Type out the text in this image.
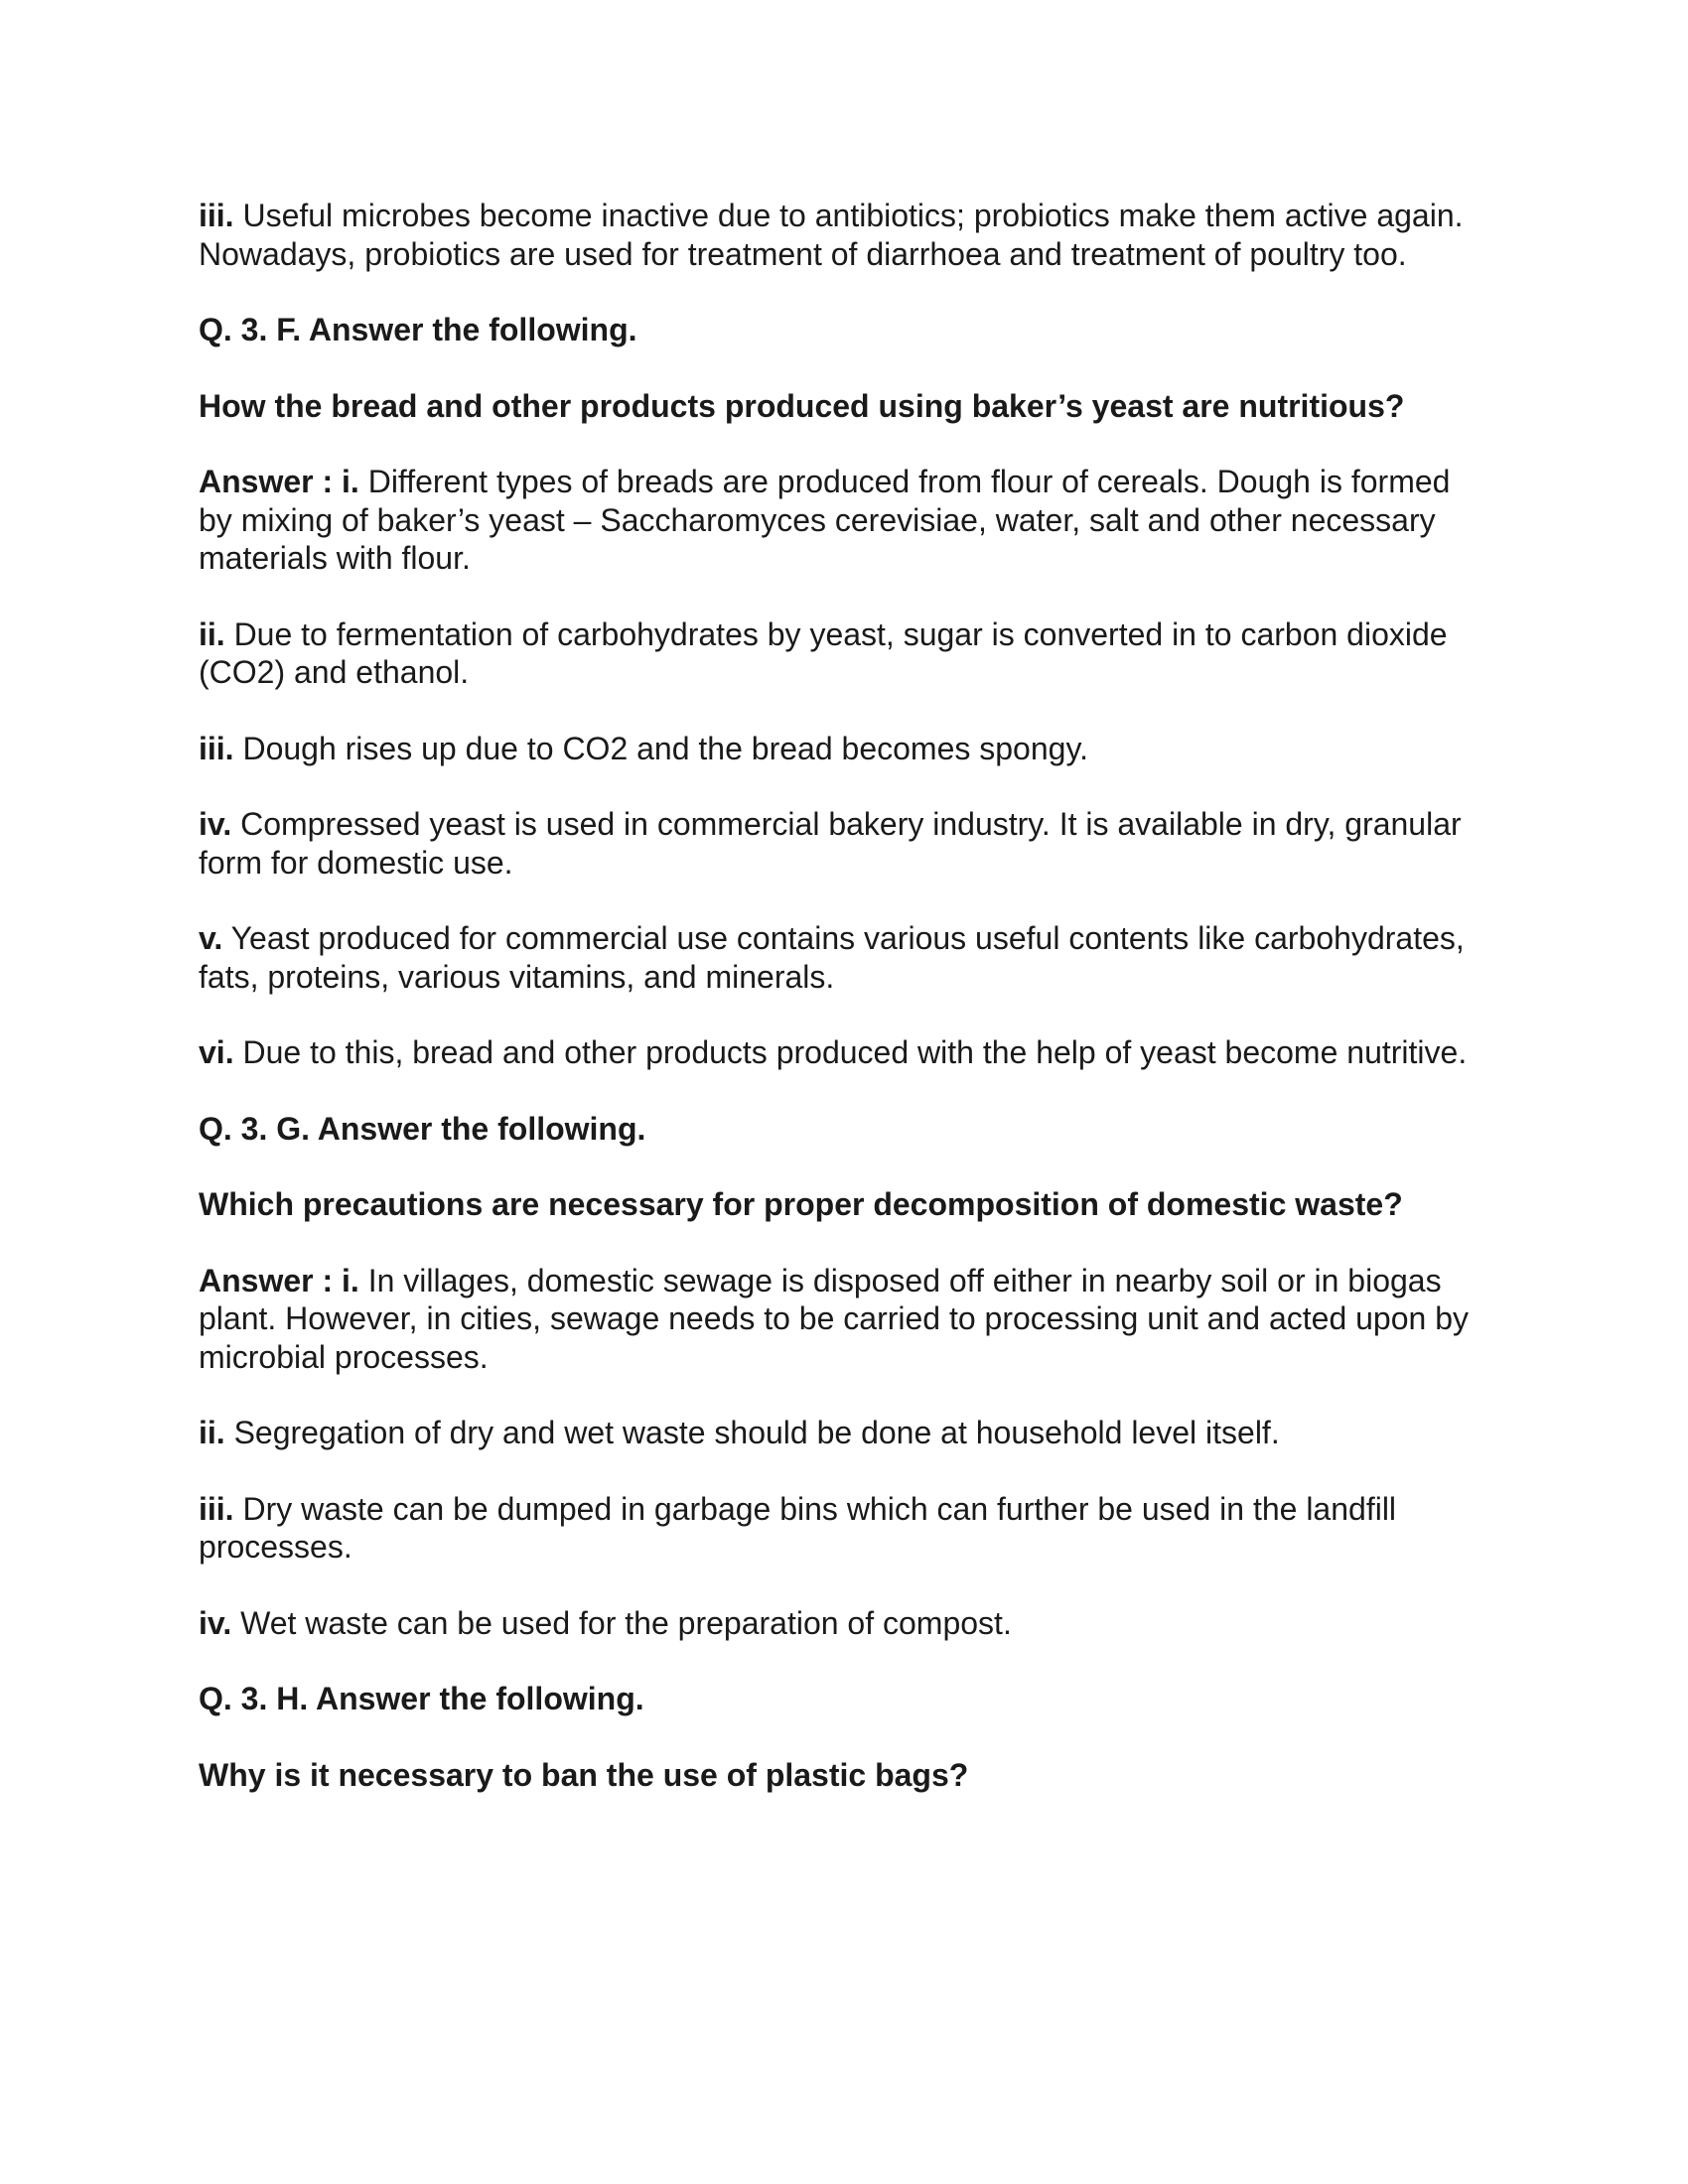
iii. Useful microbes become inactive due to antibiotics; probiotics make them active again. Nowadays, probiotics are used for treatment of diarrhoea and treatment of poultry too.

Q. 3. F. Answer the following.

How the bread and other products produced using baker’s yeast are nutritious?

Answer : i. Different types of breads are produced from flour of cereals. Dough is formed by mixing of baker’s yeast – Saccharomyces cerevisiae, water, salt and other necessary materials with flour.

ii. Due to fermentation of carbohydrates by yeast, sugar is converted in to carbon dioxide (CO2) and ethanol.

iii. Dough rises up due to CO2 and the bread becomes spongy.

iv. Compressed yeast is used in commercial bakery industry. It is available in dry, granular form for domestic use.

v. Yeast produced for commercial use contains various useful contents like carbohydrates, fats, proteins, various vitamins, and minerals.

vi. Due to this, bread and other products produced with the help of yeast become nutritive.

Q. 3. G. Answer the following.

Which precautions are necessary for proper decomposition of domestic waste?

Answer : i. In villages, domestic sewage is disposed off either in nearby soil or in biogas plant. However, in cities, sewage needs to be carried to processing unit and acted upon by microbial processes.

ii. Segregation of dry and wet waste should be done at household level itself.

iii. Dry waste can be dumped in garbage bins which can further be used in the landfill processes.

iv. Wet waste can be used for the preparation of compost.

Q. 3. H. Answer the following.

Why is it necessary to ban the use of plastic bags?
